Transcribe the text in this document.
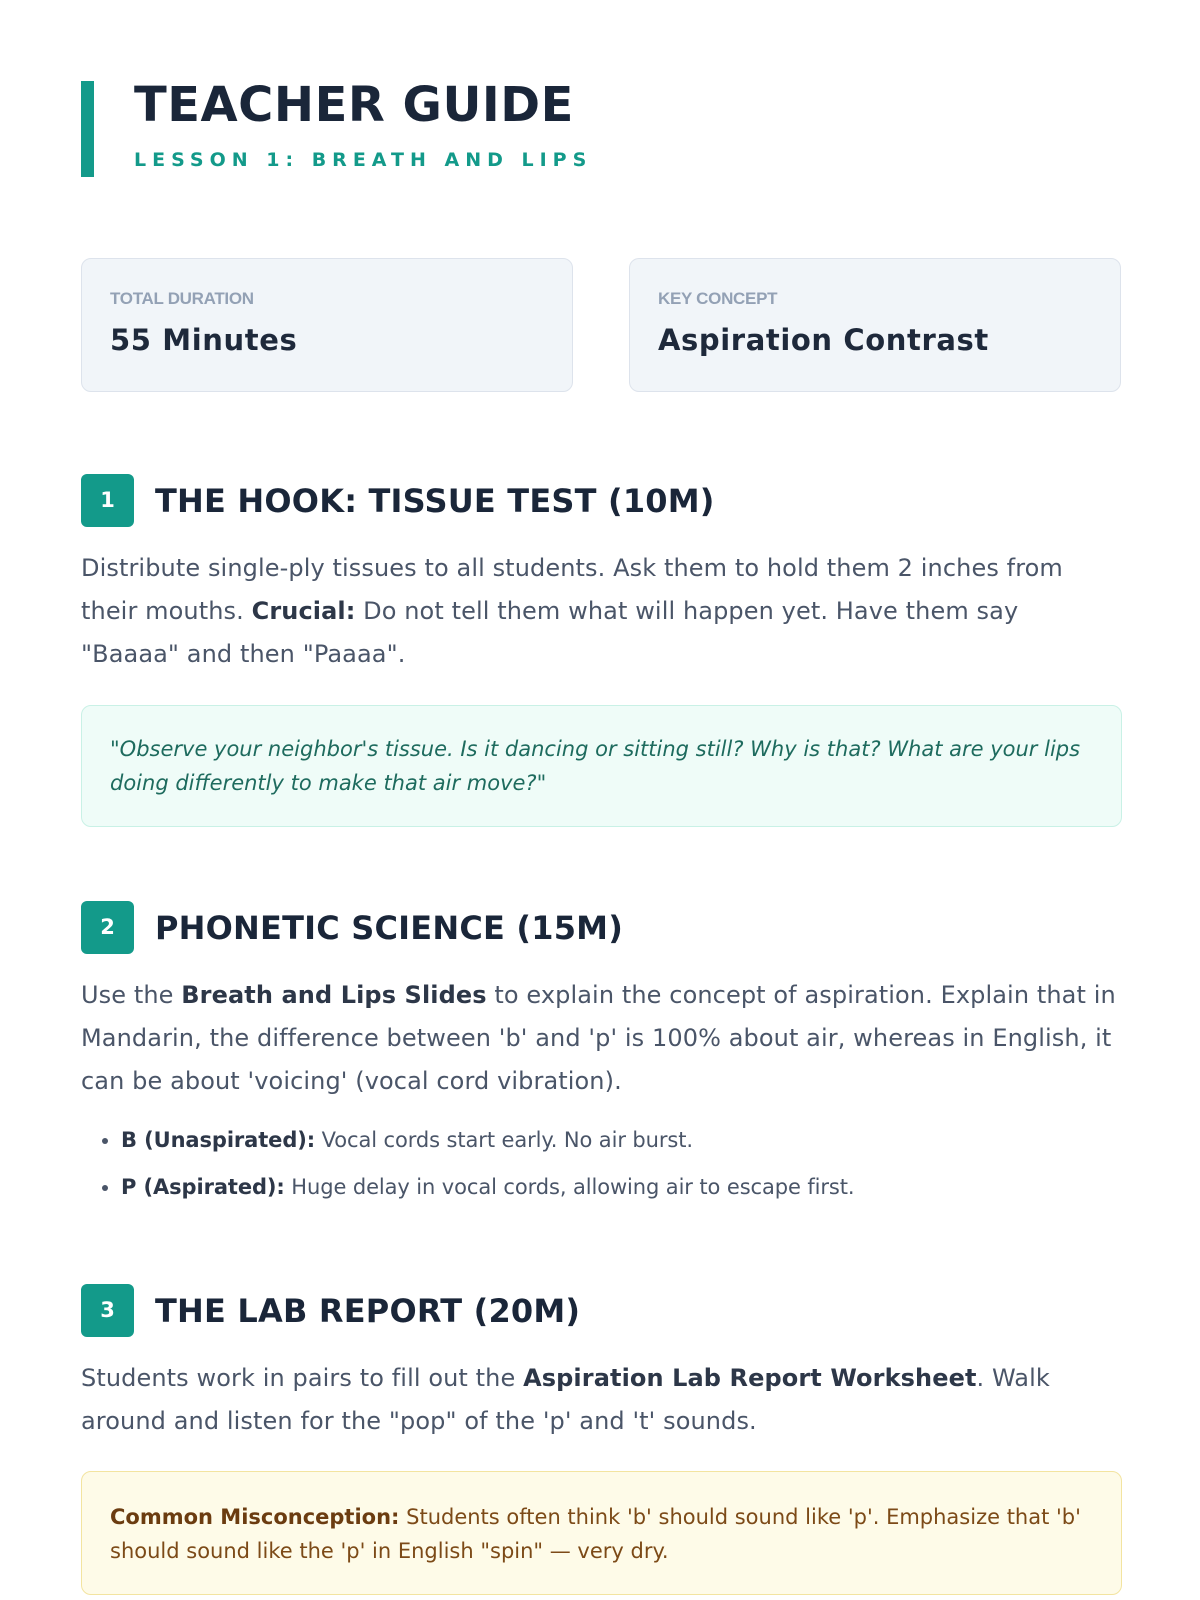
TEACHER GUIDE
LESSON 1: BREATH AND LIPS
TOTAL DURATION
55 Minutes
KEY CONCEPT
Aspiration Contrast
1	THE HOOK: TISSUE TEST (10M)

Distribute single-ply tissues to all students. Ask them to hold them 2 inches from their mouths. Crucial: Do not tell them what will happen yet. Have them say "Baaaa" and then "Paaaa".

"Observe your neighbor's tissue. Is it dancing or sitting still? Why is that? What are your lips doing differently to make that air move?"
2	PHONETIC SCIENCE (15M)

Use the Breath and Lips Slides to explain the concept of aspiration. Explain that in Mandarin, the difference between 'b' and 'p' is 100% about air, whereas in English, it can be about 'voicing' (vocal cord vibration).

• B (Unaspirated): Vocal cords start early. No air burst.
• P (Aspirated): Huge delay in vocal cords, allowing air to escape first.
3	THE LAB REPORT (20M)

Students work in pairs to fill out the Aspiration Lab Report Worksheet. Walk around and listen for the "pop" of the 'p' and 't' sounds.

Common Misconception: Students often think 'b' should sound like 'p'. Emphasize that 'b' should sound like the 'p' in English "spin" — very dry.
